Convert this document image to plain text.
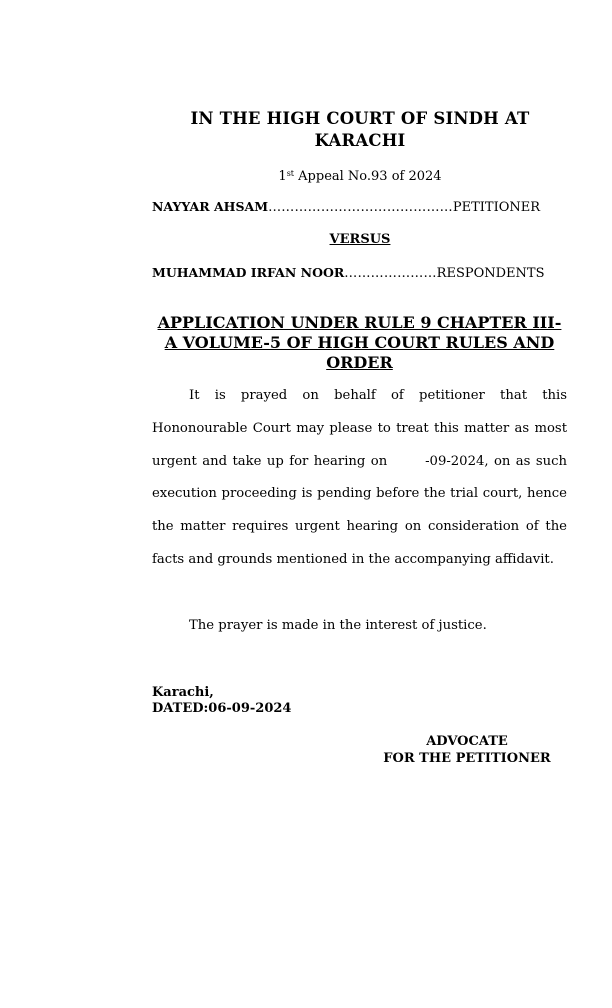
IN THE HIGH COURT OF SINDH AT
KARACHI
1st Appeal No.93 of 2024
NAYYAR AHSAM……………………………………PETITIONER
VERSUS
MUHAMMAD IRFAN NOOR…………………RESPONDENTS
APPLICATION UNDER RULE 9 CHAPTER III-A VOLUME-5 OF HIGH COURT RULES AND ORDER
It is prayed on behalf of petitioner that this Hononourable Court may please to treat this matter as most urgent and take up for hearing on       -09-2024, on as such execution proceeding is pending before the trial court, hence the matter requires urgent hearing on consideration of the facts and grounds mentioned in the accompanying affidavit.
The prayer is made in the interest of justice.
Karachi,
DATED:06-09-2024
ADVOCATE
FOR THE PETITIONER
